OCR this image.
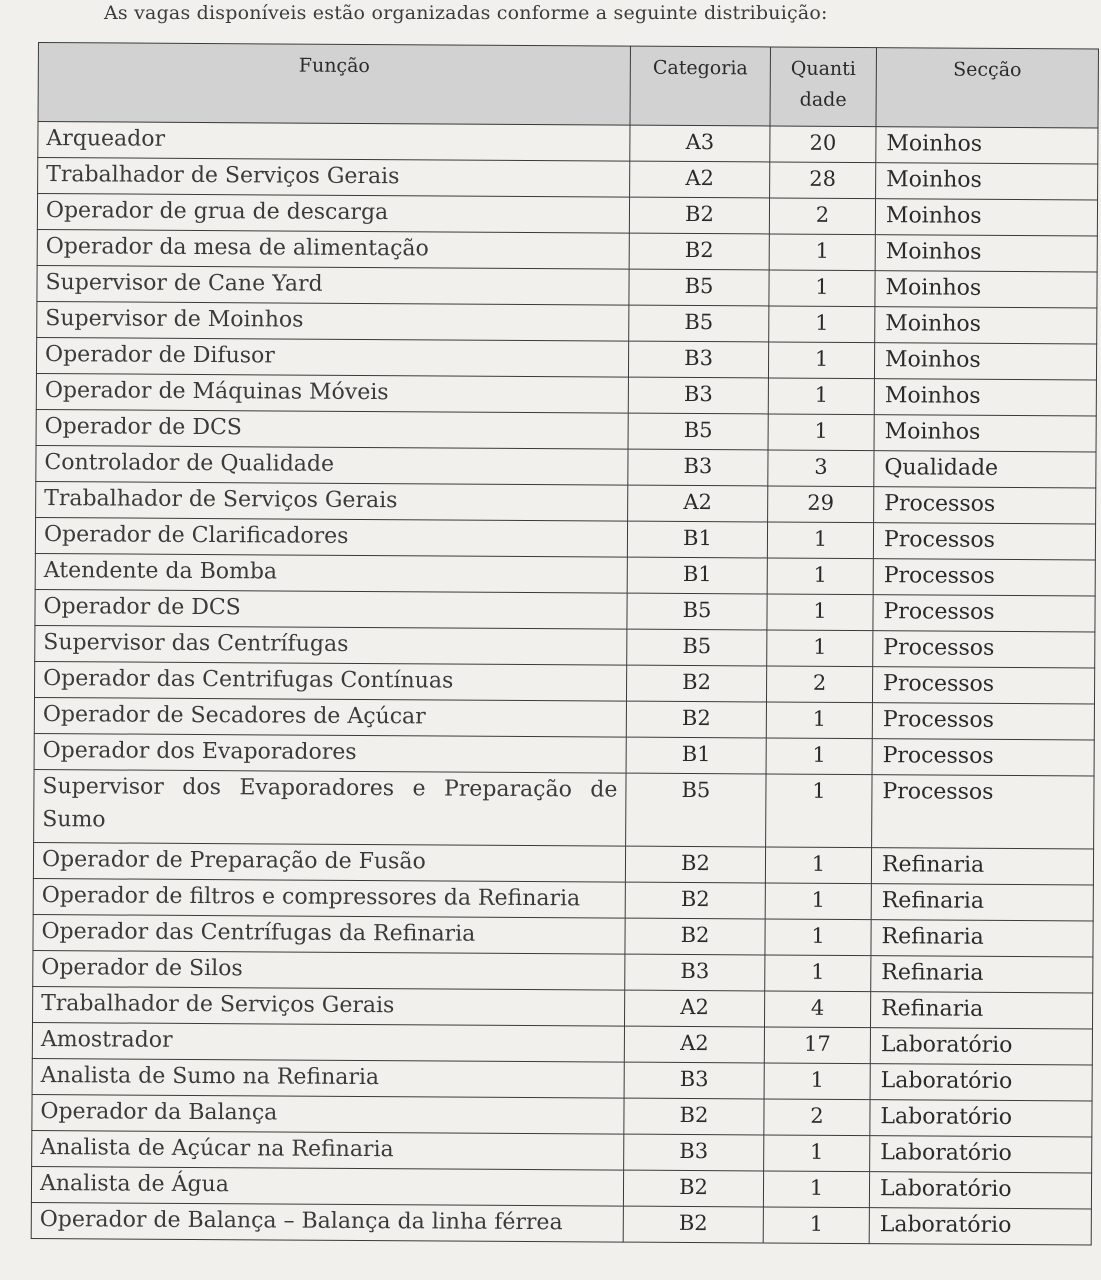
As vagas disponíveis estão organizadas conforme a seguinte distribuição:
Função	Categoria	Quanti dade	Secção
Arqueador	A3	20	Moinhos
Trabalhador de Serviços Gerais	A2	28	Moinhos
Operador de grua de descarga	B2	2	Moinhos
Operador da mesa de alimentação	B2	1	Moinhos
Supervisor de Cane Yard	B5	1	Moinhos
Supervisor de Moinhos	B5	1	Moinhos
Operador de Difusor	B3	1	Moinhos
Operador de Máquinas Móveis	B3	1	Moinhos
Operador de DCS	B5	1	Moinhos
Controlador de Qualidade	B3	3	Qualidade
Trabalhador de Serviços Gerais	A2	29	Processos
Operador de Clarificadores	B1	1	Processos
Atendente da Bomba	B1	1	Processos
Operador de DCS	B5	1	Processos
Supervisor das Centrífugas	B5	1	Processos
Operador das Centrifugas Contínuas	B2	2	Processos
Operador de Secadores de Açúcar	B2	1	Processos
Operador dos Evaporadores	B1	1	Processos
Supervisor dos Evaporadores e Preparação de Sumo	B5	1	Processos
Operador de Preparação de Fusão	B2	1	Refinaria
Operador de filtros e compressores da Refinaria	B2	1	Refinaria
Operador das Centrífugas da Refinaria	B2	1	Refinaria
Operador de Silos	B3	1	Refinaria
Trabalhador de Serviços Gerais	A2	4	Refinaria
Amostrador	A2	17	Laboratório
Analista de Sumo na Refinaria	B3	1	Laboratório
Operador da Balança	B2	2	Laboratório
Analista de Açúcar na Refinaria	B3	1	Laboratório
Analista de Água	B2	1	Laboratório
Operador de Balança – Balança da linha férrea	B2	1	Laboratório
